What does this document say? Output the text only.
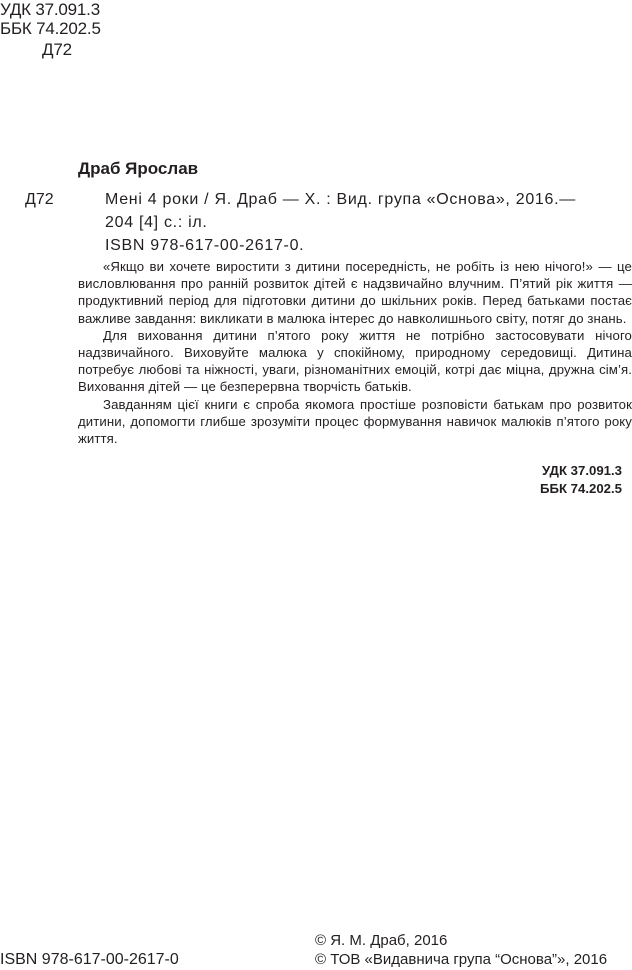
УДК 37.091.3
ББК 74.202.5
Д72
Драб Ярослав
Д72	Мені 4 роки / Я. Драб — Х. : Вид. група «Основа», 2016.—
204 [4] с.: іл.
ISBN 978-617-00-2617-0.

«Якщо ви хочете виростити з дитини посередність, не робіть із нею нічого!» — це висловлювання про ранній розвиток дітей є надзвичайно влучним. П’ятий рік життя — продуктивний період для підготовки дитини до шкільних років. Перед батьками постає важливе завдання: викликати в малюка інтерес до навколишнього світу, потяг до знань.

Для виховання дитини п’ятого року життя не потрібно застосовувати нічого надзвичайного. Виховуйте малюка у спокійному, природному середовищі. Дитина потребує любові та ніжності, уваги, різноманітних емоцій, котрі дає міцна, дружна сім’я. Виховання дітей — це безперервна творчість батьків.

Завданням цієї книги є спроба якомога простіше розповісти батькам про розвиток дитини, допомогти глибше зрозуміти процес формування навичок малюків п’ятого року життя.

УДК 37.091.3
ББК 74.202.5
ISBN 978-617-00-2617-0
© Я. М. Драб, 2016
© ТОВ «Видавнича група “Основа”», 2016
